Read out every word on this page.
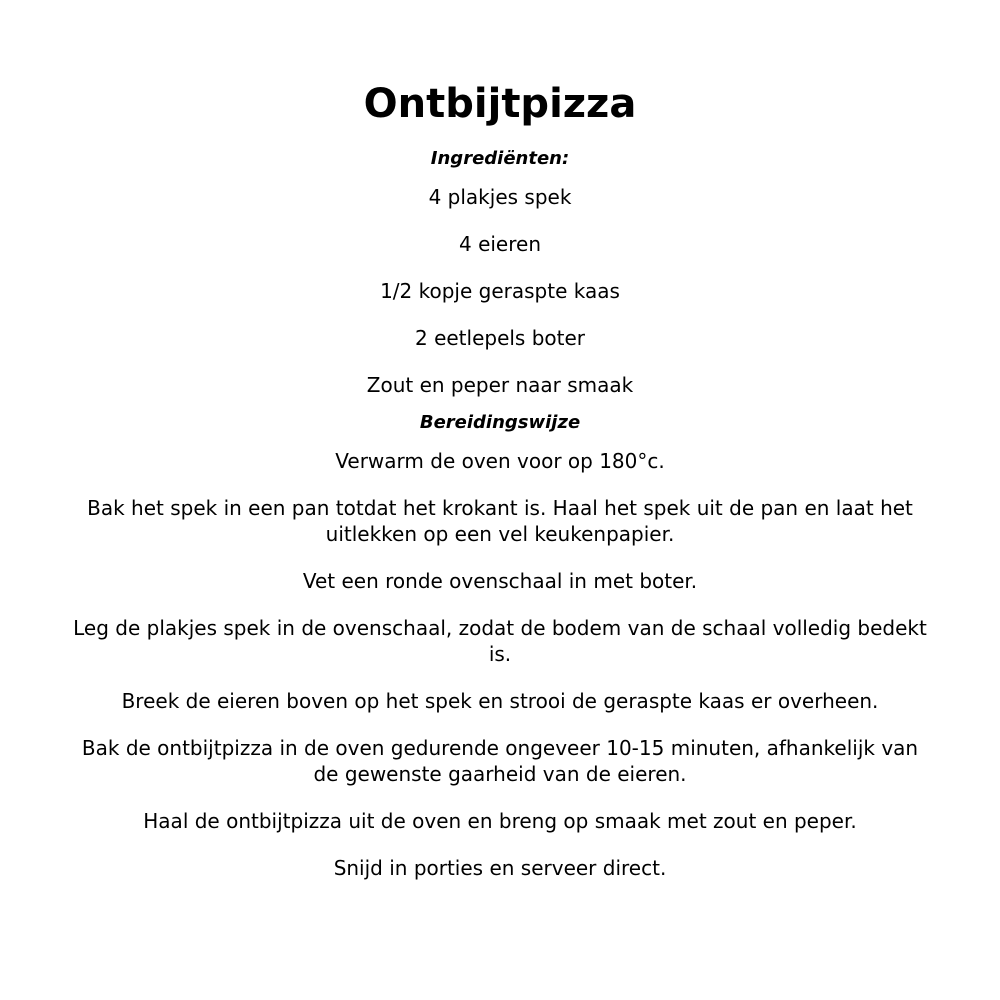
Ontbijtpizza
Ingrediënten:

4 plakjes spek

4 eieren

1/2 kopje geraspte kaas

2 eetlepels boter

Zout en peper naar smaak

Bereidingswijze

Verwarm de oven voor op 180°c.

Bak het spek in een pan totdat het krokant is. Haal het spek uit de pan en laat het uitlekken op een vel keukenpapier.

Vet een ronde ovenschaal in met boter.

Leg de plakjes spek in de ovenschaal, zodat de bodem van de schaal volledig bedekt is.

Breek de eieren boven op het spek en strooi de geraspte kaas er overheen.

Bak de ontbijtpizza in de oven gedurende ongeveer 10-15 minuten, afhankelijk van de gewenste gaarheid van de eieren.

Haal de ontbijtpizza uit de oven en breng op smaak met zout en peper.

Snijd in porties en serveer direct.
